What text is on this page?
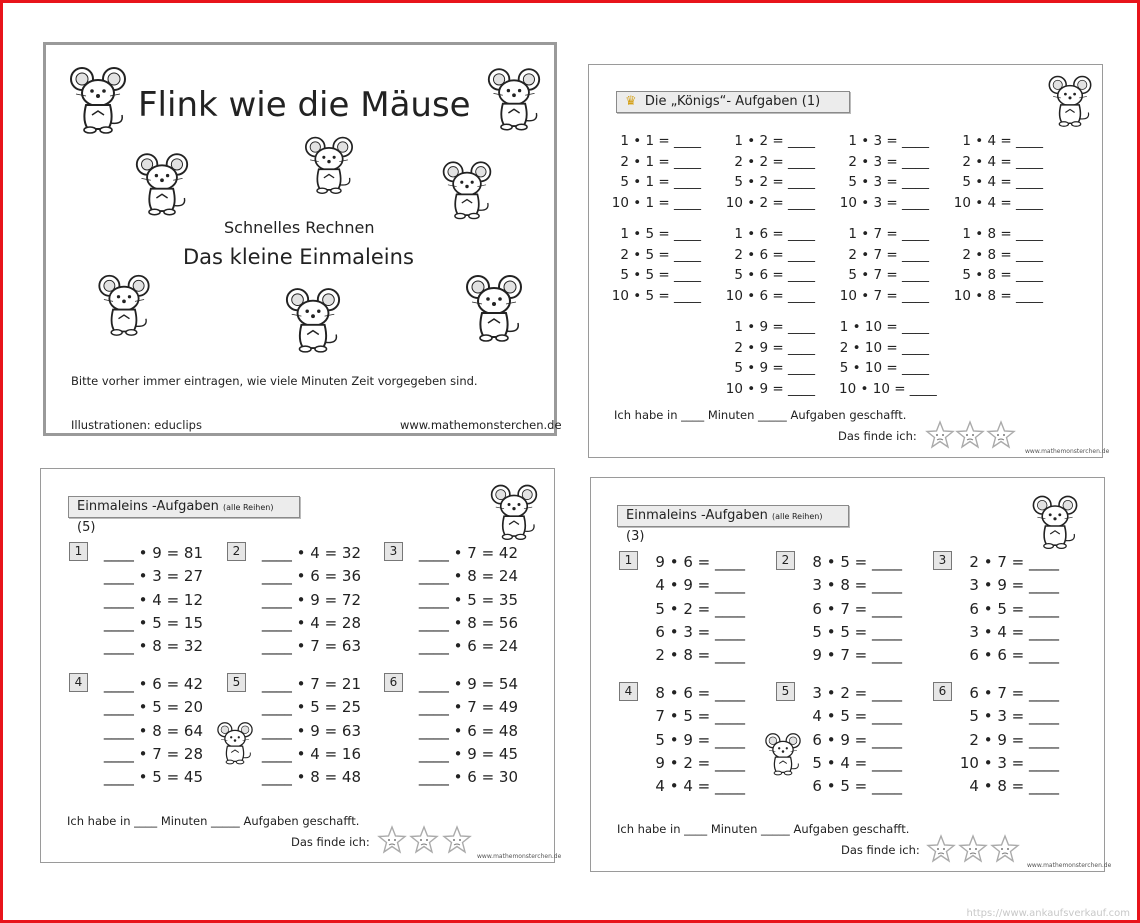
Flink wie die Mäuse
Schnelles Rechnen
Das kleine Einmaleins
Bitte vorher immer eintragen, wie viele Minuten Zeit vorgegeben sind.
Illustrationen: educlips	www.mathemonsterchen.de
♛ Die „Königs“- Aufgaben (1)
1 • 1 = ____
2 • 1 = ____
5 • 1 = ____
10 • 1 = ____
1 • 2 = ____
2 • 2 = ____
5 • 2 = ____
10 • 2 = ____
1 • 3 = ____
2 • 3 = ____
5 • 3 = ____
10 • 3 = ____
1 • 4 = ____
2 • 4 = ____
5 • 4 = ____
10 • 4 = ____
1 • 5 = ____
2 • 5 = ____
5 • 5 = ____
10 • 5 = ____
1 • 6 = ____
2 • 6 = ____
5 • 6 = ____
10 • 6 = ____
1 • 7 = ____
2 • 7 = ____
5 • 7 = ____
10 • 7 = ____
1 • 8 = ____
2 • 8 = ____
5 • 8 = ____
10 • 8 = ____
1 • 9 = ____
2 • 9 = ____
5 • 9 = ____
10 • 9 = ____
1 • 10 = ____
2 • 10 = ____
5 • 10 = ____
10 • 10 = ____
Ich habe in ____ Minuten _____ Aufgaben geschafft.
Das finde ich:
www.mathemonsterchen.de
Einmaleins -Aufgaben (alle Reihen) (5)
1	____ • 9 = 81
____ • 3 = 27
____ • 4 = 12
____ • 5 = 15
____ • 8 = 32
2	____ • 4 = 32
____ • 6 = 36
____ • 9 = 72
____ • 4 = 28
____ • 7 = 63
3	____ • 7 = 42
____ • 8 = 24
____ • 5 = 35
____ • 8 = 56
____ • 6 = 24
4	____ • 6 = 42
____ • 5 = 20
____ • 8 = 64
____ • 7 = 28
____ • 5 = 45
5	____ • 7 = 21
____ • 5 = 25
____ • 9 = 63
____ • 4 = 16
____ • 8 = 48
6	____ • 9 = 54
____ • 7 = 49
____ • 6 = 48
____ • 9 = 45
____ • 6 = 30
Ich habe in ____ Minuten _____ Aufgaben geschafft.
Das finde ich:
www.mathemonsterchen.de
Einmaleins -Aufgaben (alle Reihen) (3)
1	9 • 6 = ____
4 • 9 = ____
5 • 2 = ____
6 • 3 = ____
2 • 8 = ____
2	8 • 5 = ____
3 • 8 = ____
6 • 7 = ____
5 • 5 = ____
9 • 7 = ____
3	2 • 7 = ____
3 • 9 = ____
6 • 5 = ____
3 • 4 = ____
6 • 6 = ____
4	8 • 6 = ____
7 • 5 = ____
5 • 9 = ____
9 • 2 = ____
4 • 4 = ____
5	3 • 2 = ____
4 • 5 = ____
6 • 9 = ____
5 • 4 = ____
6 • 5 = ____
6	6 • 7 = ____
5 • 3 = ____
2 • 9 = ____
10 • 3 = ____
4 • 8 = ____
Ich habe in ____ Minuten _____ Aufgaben geschafft.
Das finde ich:
www.mathemonsterchen.de
https://www.ankaufsverkauf.com
